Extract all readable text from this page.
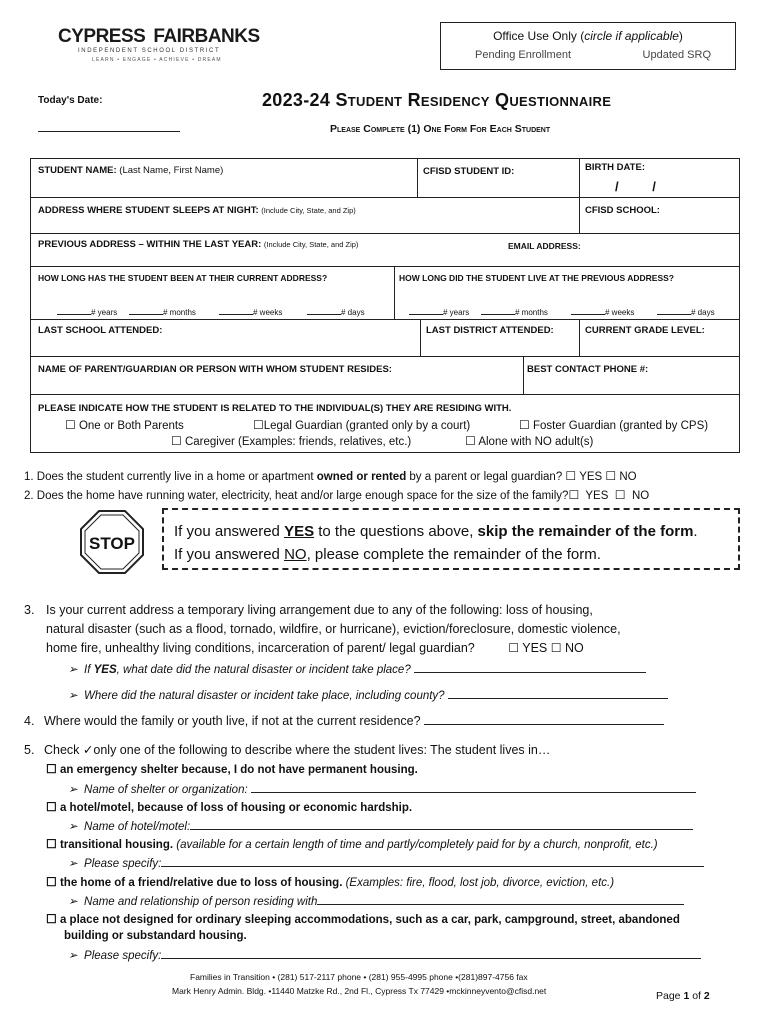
CYPRESS FAIRBANKS
INDEPENDENT SCHOOL DISTRICT
LEARN • ENGAGE • ACHIEVE • DREAM
Office Use Only (circle if applicable)
Pending Enrollment	Updated SRQ
Today's Date:	2023-24 Student Residency Questionnaire
Please Complete (1) One Form For Each Student
STUDENT NAME: (Last Name, First Name)	CFISD STUDENT ID:	BIRTH DATE:
/ /
ADDRESS WHERE STUDENT SLEEPS AT NIGHT: (Include City, State, and Zip)	CFISD SCHOOL:
PREVIOUS ADDRESS – WITHIN THE LAST YEAR: (Include City, State, and Zip)	EMAIL ADDRESS:
HOW LONG HAS THE STUDENT BEEN AT THEIR CURRENT ADDRESS?	HOW LONG DID THE STUDENT LIVE AT THE PREVIOUS ADDRESS?
# years	# months	# weeks	# days	# years	# months	# weeks	# days
LAST SCHOOL ATTENDED:	LAST DISTRICT ATTENDED:	CURRENT GRADE LEVEL:
NAME OF PARENT/GUARDIAN OR PERSON WITH WHOM STUDENT RESIDES:	BEST CONTACT PHONE #:
PLEASE INDICATE HOW THE STUDENT IS RELATED TO THE INDIVIDUAL(S) THEY ARE RESIDING WITH.
☐ One or Both Parents	☐Legal Guardian (granted only by a court)	☐ Foster Guardian (granted by CPS)
☐ Caregiver (Examples: friends, relatives, etc.)	☐ Alone with NO adult(s)
1. Does the student currently live in a home or apartment owned or rented by a parent or legal guardian? ☐ YES ☐ NO
2. Does the home have running water, electricity, heat and/or large enough space for the size of the family?☐ YES ☐ NO
STOP
If you answered YES to the questions above, skip the remainder of the form.
If you answered NO, please complete the remainder of the form.
3. Is your current address a temporary living arrangement due to any of the following: loss of housing,
natural disaster (such as a flood, tornado, wildfire, or hurricane), eviction/foreclosure, domestic violence,
home fire, unhealthy living conditions, incarceration of parent/ legal guardian?	☐ YES ☐ NO
➢  If YES, what date did the natural disaster or incident take place?
➢  Where did the natural disaster or incident take place, including county?
4. Where would the family or youth live, if not at the current residence?
5. Check ✓only one of the following to describe where the student lives: The student lives in…
☐ an emergency shelter because, I do not have permanent housing.
➢  Name of shelter or organization:
☐ a hotel/motel, because of loss of housing or economic hardship.
➢  Name of hotel/motel:
☐ transitional housing. (available for a certain length of time and partly/completely paid for by a church, nonprofit, etc.)
➢  Please specify:
☐ the home of a friend/relative due to loss of housing. (Examples: fire, flood, lost job, divorce, eviction, etc.)
➢  Name and relationship of person residing with
☐ a place not designed for ordinary sleeping accommodations, such as a car, park, campground, street, abandoned
building or substandard housing.
➢  Please specify:
Families in Transition • (281) 517-2117 phone • (281) 955-4995 phone •(281)897-4756 fax
Mark Henry Admin. Bldg. •11440 Matzke Rd., 2nd Fl., Cypress Tx 77429 •mckinneyvento@cfisd.net	Page 1 of 2
